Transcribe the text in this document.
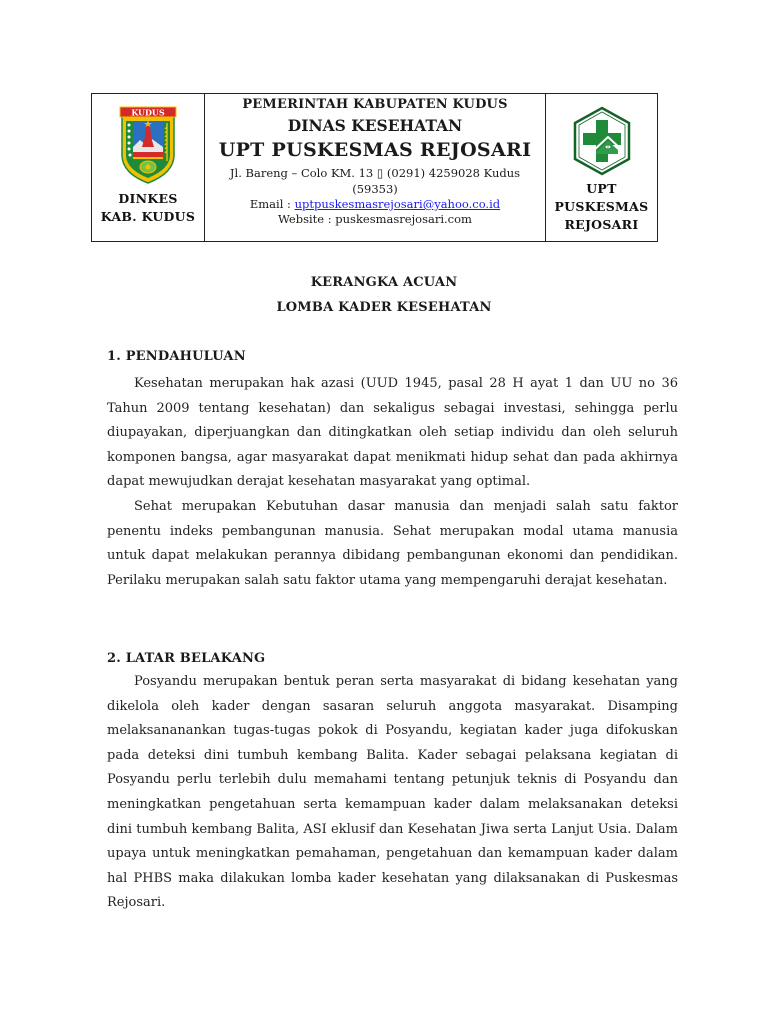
KUDUS
DINKES
KAB. KUDUS
PEMERINTAH KABUPATEN KUDUS
DINAS KESEHATAN
UPT PUSKESMAS REJOSARI
Jl. Bareng – Colo KM. 13 ▯ (0291) 4259028 Kudus (59353)
Email : uptpuskesmasrejosari@yahoo.co.id
Website : puskesmasrejosari.com
UPT
PUSKESMAS
REJOSARI
KERANGKA ACUAN
LOMBA KADER KESEHATAN
1. PENDAHULUAN

Kesehatan merupakan hak azasi (UUD 1945, pasal 28 H ayat 1 dan UU no 36 Tahun 2009 tentang kesehatan) dan sekaligus sebagai investasi, sehingga perlu diupayakan, diperjuangkan dan ditingkatkan oleh setiap individu dan oleh seluruh komponen bangsa, agar masyarakat dapat menikmati hidup sehat dan pada akhirnya dapat mewujudkan derajat kesehatan masyarakat yang optimal.

Sehat merupakan Kebutuhan dasar manusia dan menjadi salah satu faktor penentu indeks pembangunan manusia. Sehat merupakan modal utama manusia untuk dapat melakukan perannya dibidang pembangunan ekonomi dan pendidikan. Perilaku merupakan salah satu faktor utama yang mempengaruhi derajat kesehatan.

2. LATAR BELAKANG

Posyandu merupakan bentuk peran serta masyarakat di bidang kesehatan yang dikelola oleh kader dengan sasaran seluruh anggota masyarakat. Disamping melaksananankan tugas-tugas pokok di Posyandu, kegiatan kader juga difokuskan pada deteksi dini tumbuh kembang Balita. Kader sebagai pelaksana kegiatan di Posyandu perlu terlebih dulu memahami tentang petunjuk teknis di Posyandu dan meningkatkan pengetahuan serta kemampuan kader dalam melaksanakan deteksi dini tumbuh kembang Balita, ASI eklusif dan Kesehatan Jiwa serta Lanjut Usia. Dalam upaya untuk meningkatkan pemahaman, pengetahuan dan kemampuan kader dalam hal PHBS maka dilakukan lomba kader kesehatan yang dilaksanakan di Puskesmas Rejosari.
